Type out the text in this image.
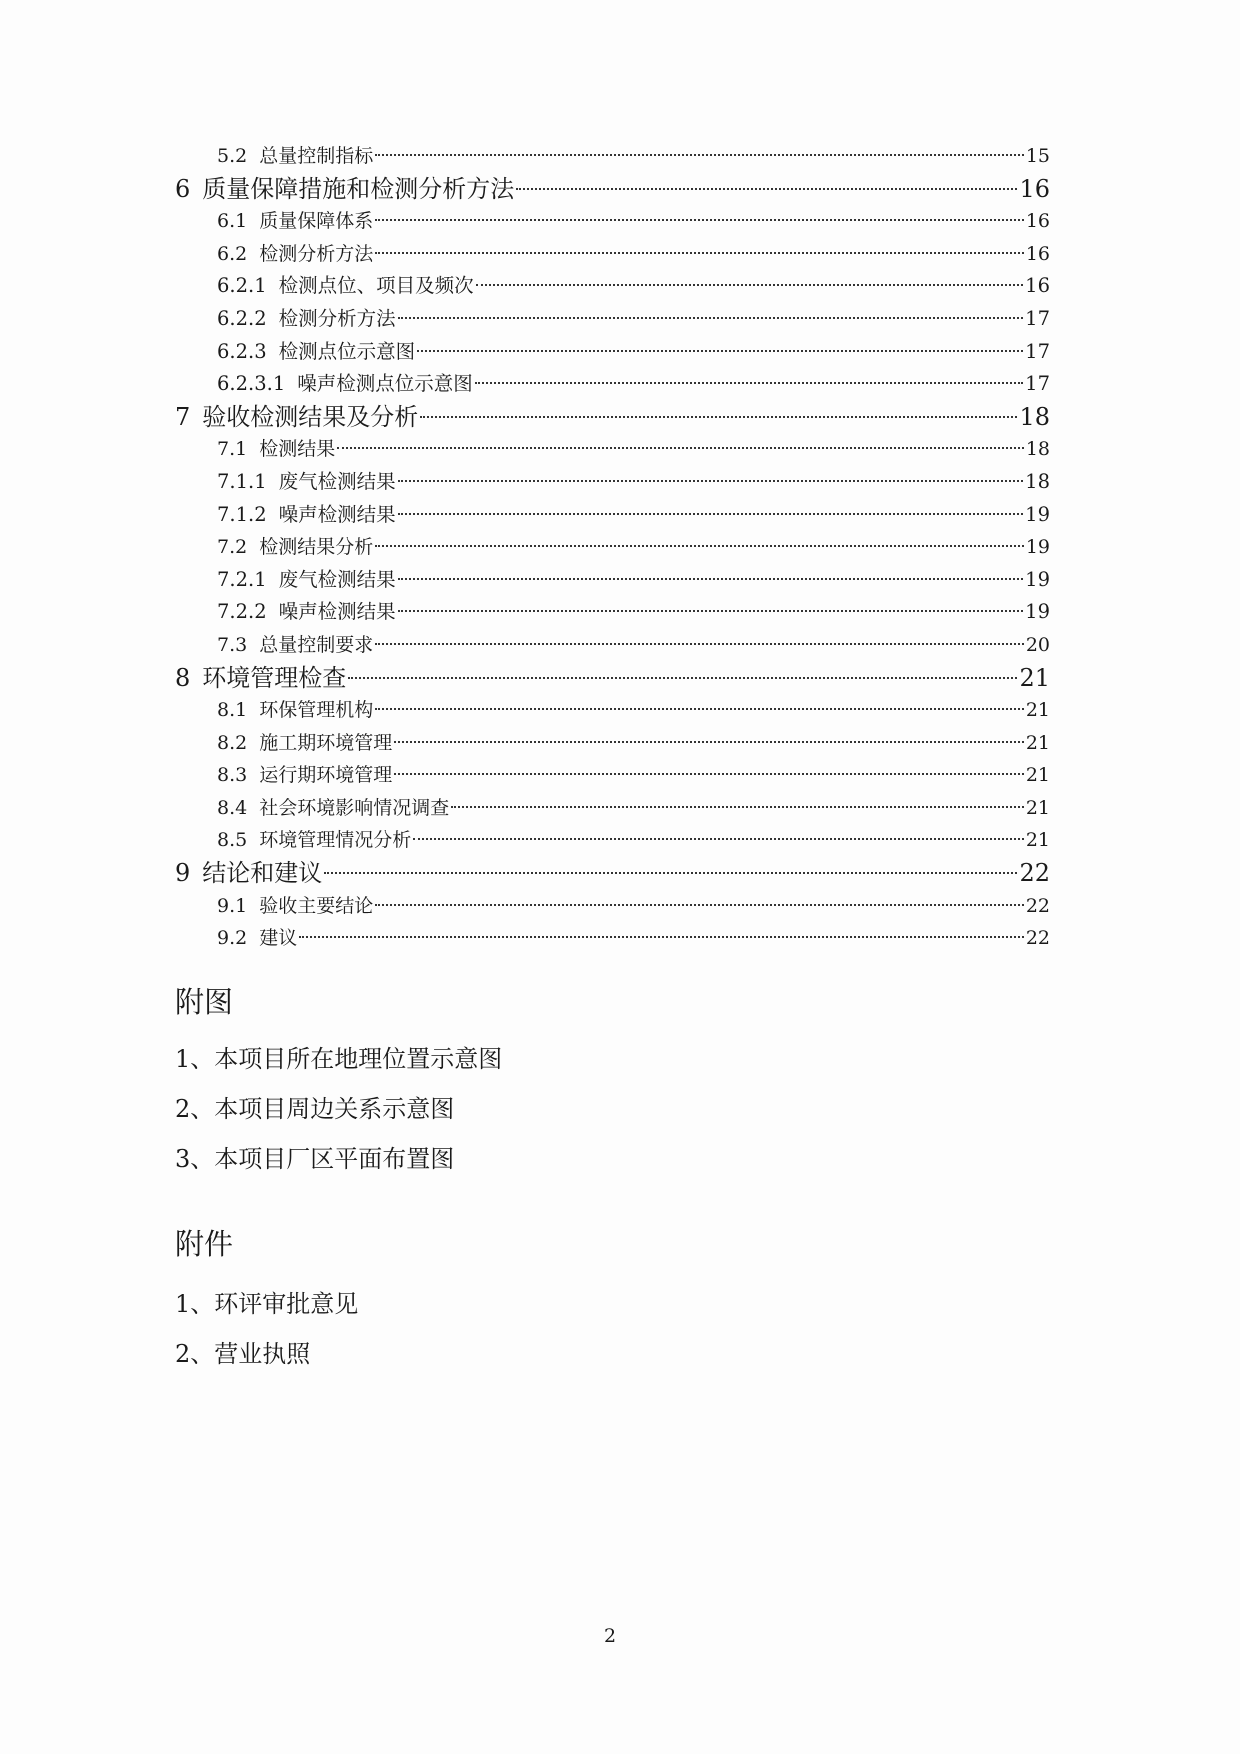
5.2 总量控制指标	15
6 质量保障措施和检测分析方法	16
6.1 质量保障体系	16
6.2 检测分析方法	16
6.2.1 检测点位、项目及频次	16
6.2.2 检测分析方法	17
6.2.3 检测点位示意图	17
6.2.3.1 噪声检测点位示意图	17
7 验收检测结果及分析	18
7.1 检测结果	18
7.1.1 废气检测结果	18
7.1.2 噪声检测结果	19
7.2 检测结果分析	19
7.2.1 废气检测结果	19
7.2.2 噪声检测结果	19
7.3 总量控制要求	20
8 环境管理检查	21
8.1 环保管理机构	21
8.2 施工期环境管理	21
8.3 运行期环境管理	21
8.4 社会环境影响情况调查	21
8.5 环境管理情况分析	21
9 结论和建议	22
9.1 验收主要结论	22
9.2 建议	22
附图
1、本项目所在地理位置示意图
2、本项目周边关系示意图
3、本项目厂区平面布置图
附件
1、环评审批意见
2、营业执照
2
